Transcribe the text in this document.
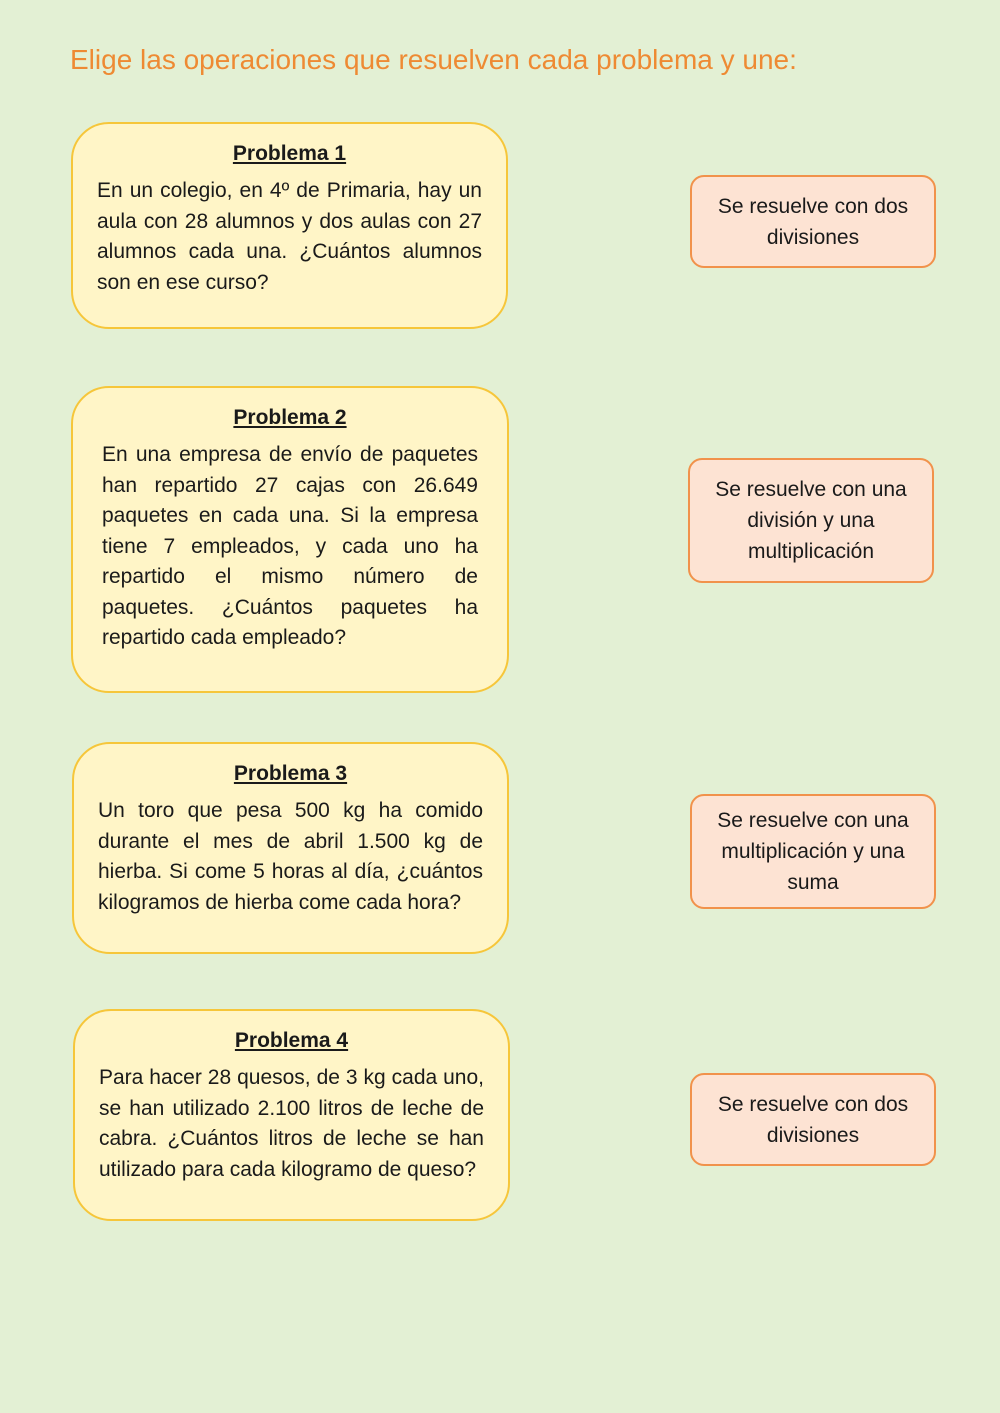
Elige las operaciones que resuelven cada problema y une:
Problema 1

En un colegio, en 4º de Primaria, hay un aula con 28 alumnos y dos aulas con 27 alumnos cada una. ¿Cuántos alumnos son en ese curso?

Problema 2

En una empresa de envío de paquetes han repartido 27 cajas con 26.649 paquetes en cada una. Si la empresa tiene 7 empleados, y cada uno ha repartido el mismo número de paquetes. ¿Cuántos paquetes ha repartido cada empleado?

Problema 3

Un toro que pesa 500 kg ha comido durante el mes de abril 1.500 kg de hierba. Si come 5 horas al día, ¿cuántos kilogramos de hierba come cada hora?

Problema 4

Para hacer 28 quesos, de 3 kg cada uno, se han utilizado 2.100 litros de leche de cabra. ¿Cuántos litros de leche se han utilizado para cada kilogramo de queso?

Se resuelve con dos divisiones
Se resuelve con una división y una multiplicación
Se resuelve con una multiplicación y una suma
Se resuelve con dos divisiones
